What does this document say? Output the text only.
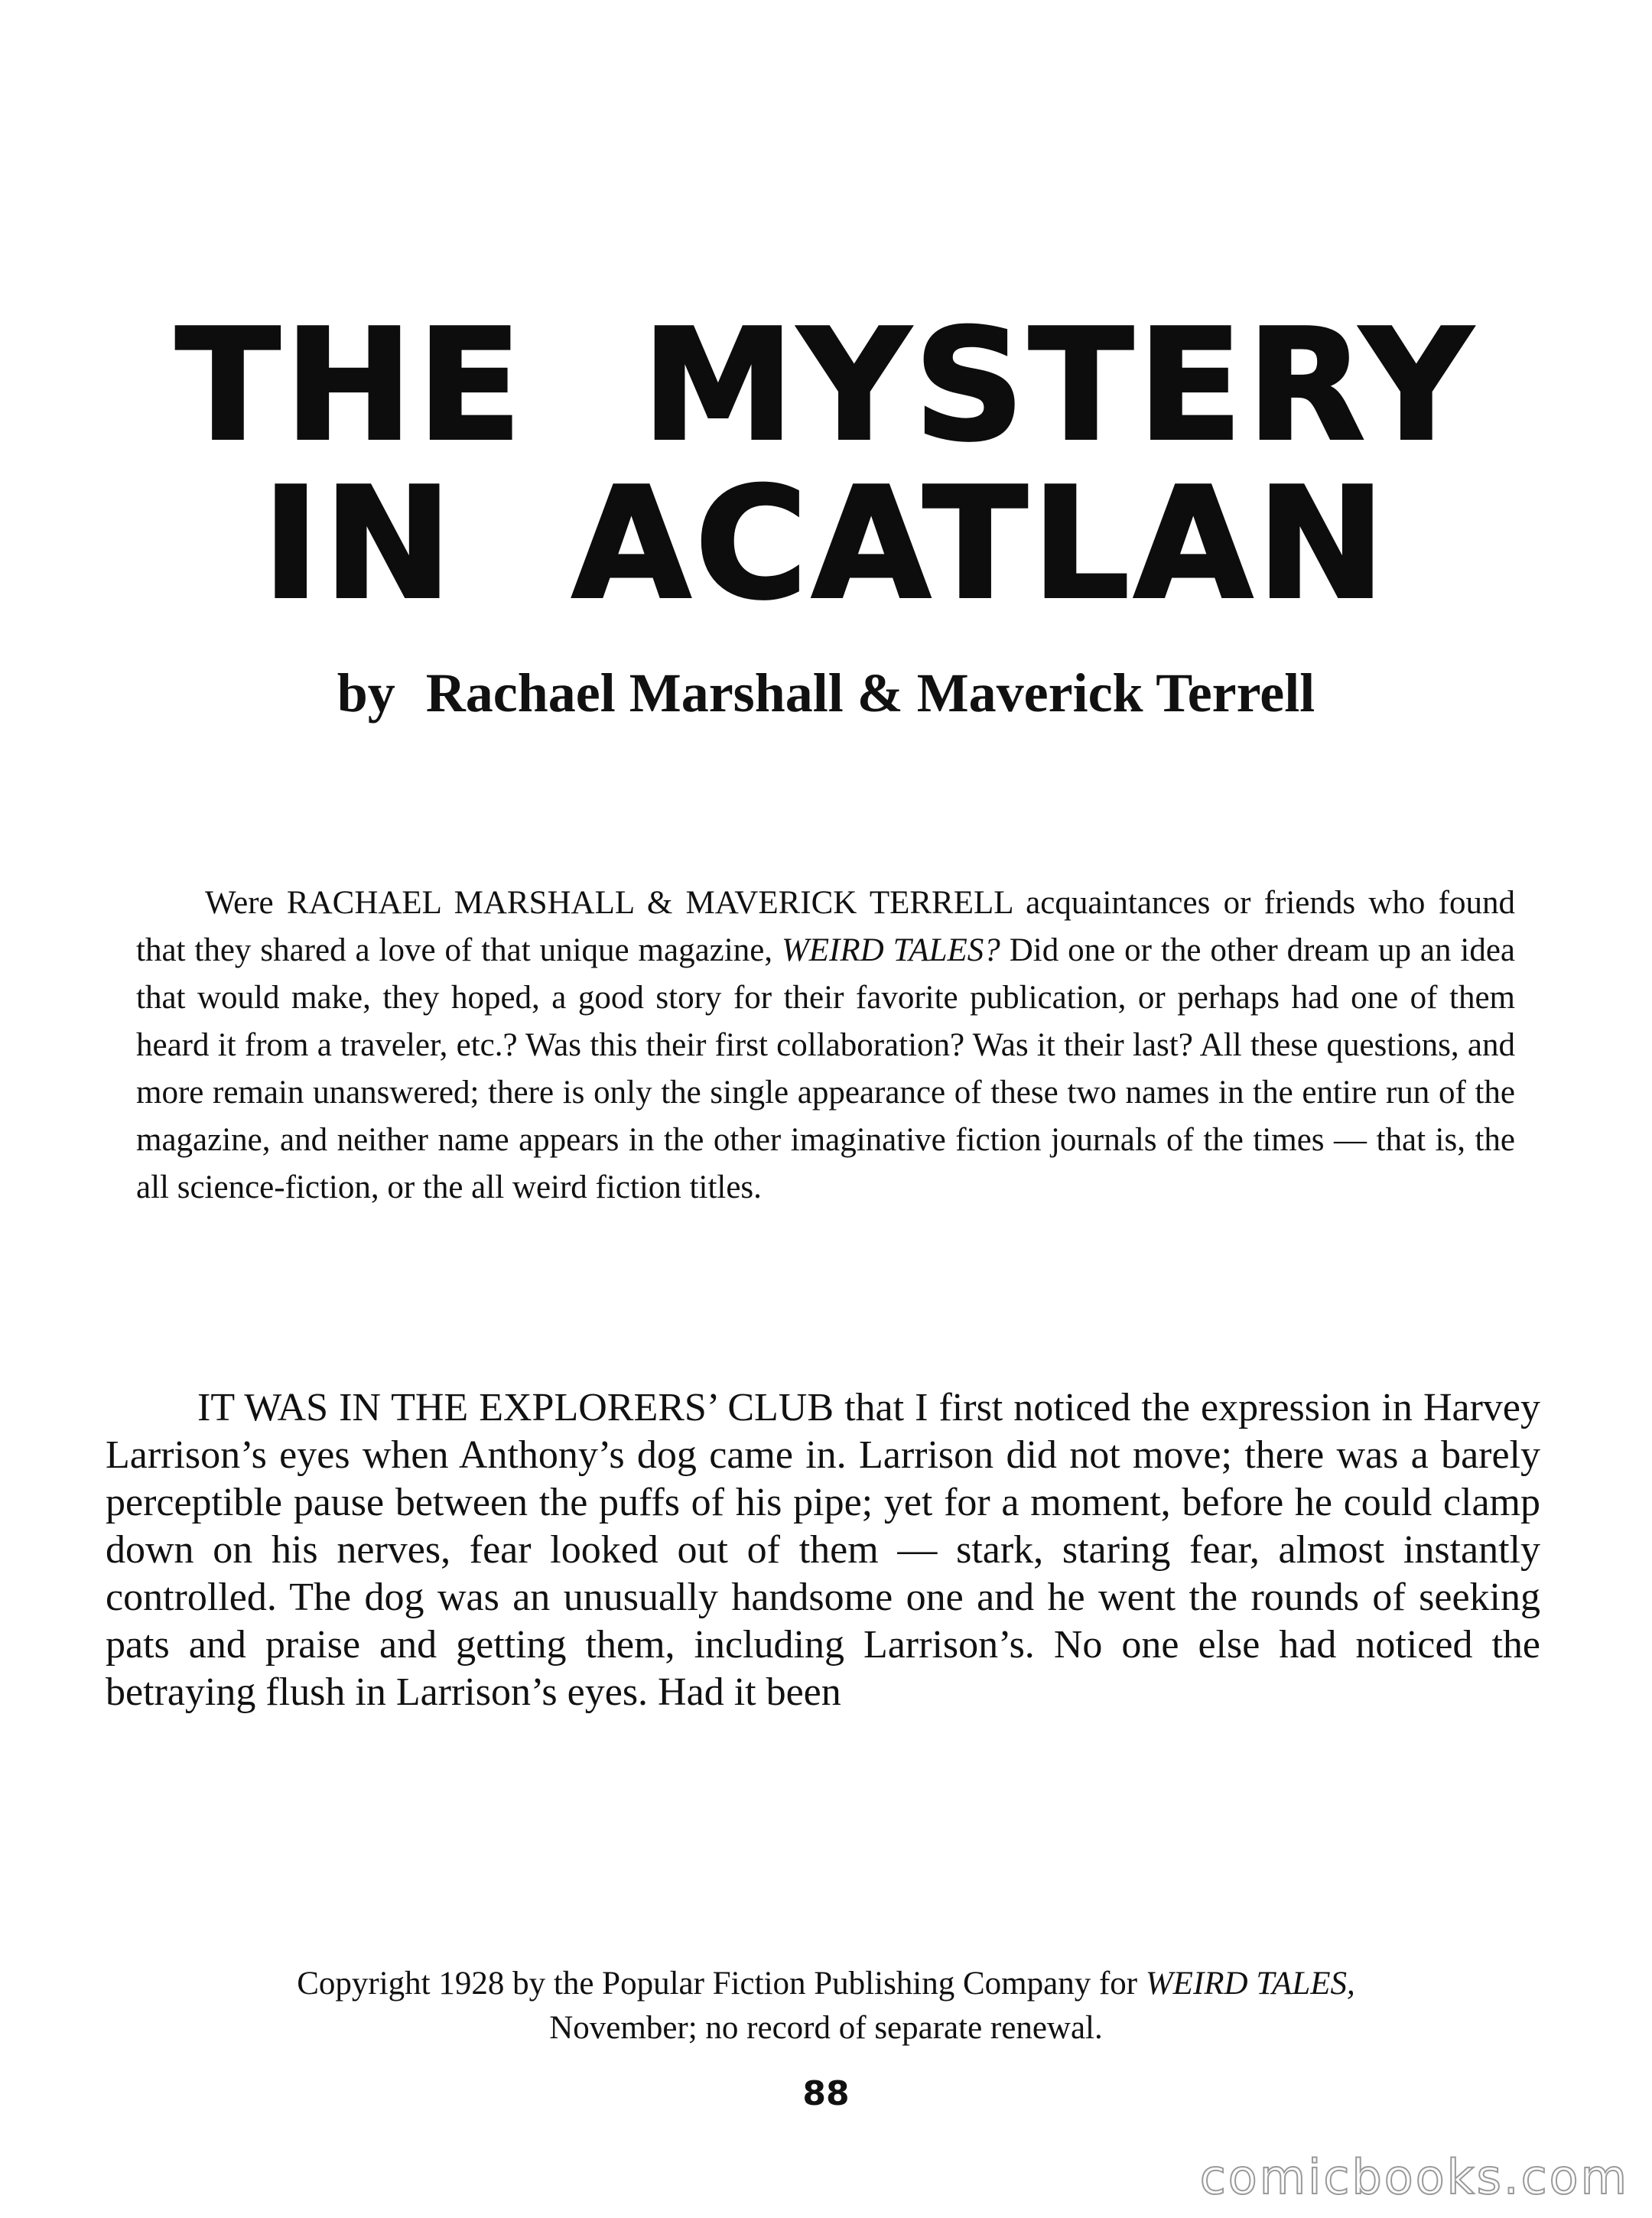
THE  MYSTERY
IN  ACATLAN
by Rachael Marshall & Maverick Terrell
Were RACHAEL MARSHALL & MAVERICK TERRELL acquaintances or friends who found that they shared a love of that unique magazine, WEIRD TALES? Did one or the other dream up an idea that would make, they hoped, a good story for their favorite publication, or perhaps had one of them heard it from a traveler, etc.? Was this their first collaboration? Was it their last? All these questions, and more remain unanswered; there is only the single appearance of these two names in the entire run of the magazine, and neither name appears in the other imaginative fiction journals of the times — that is, the all science-fiction, or the all weird fiction titles.
IT WAS IN THE EXPLORERS’ CLUB that I first noticed the expression in Harvey Larrison’s eyes when Anthony’s dog came in. Larrison did not move; there was a barely perceptible pause between the puffs of his pipe; yet for a moment, before he could clamp down on his nerves, fear looked out of them — stark, staring fear, almost instantly controlled. The dog was an unusually handsome one and he went the rounds of seeking pats and praise and getting them, including Larrison’s. No one else had noticed the betraying flush in Larrison’s eyes. Had it been
Copyright 1928 by the Popular Fiction Publishing Company for WEIRD TALES,
November; no record of separate renewal.
88
comicbooks.com
